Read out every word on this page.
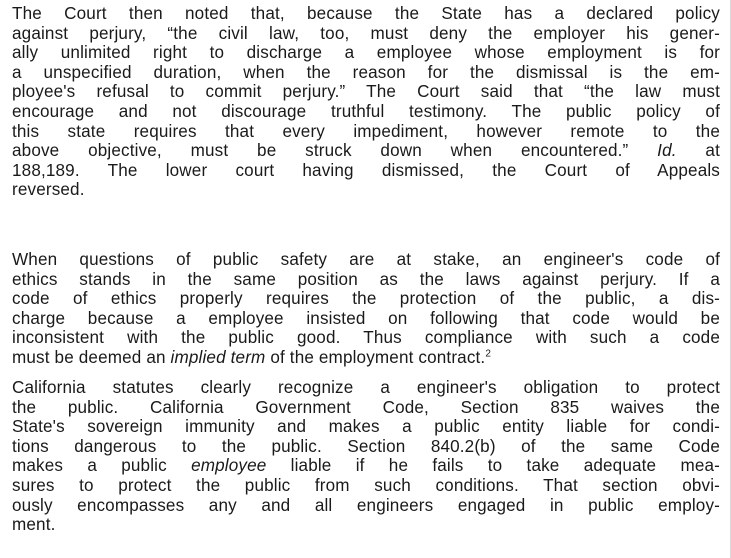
The Court then noted that, because the State has a declared policy
against perjury, “the civil law, too, must deny the employer his gener-
ally unlimited right to discharge a employee whose employment is for
a unspecified duration, when the reason for the dismissal is the em-
ployee's refusal to commit perjury.” The Court said that “the law must
encourage and not discourage truthful testimony. The public policy of
this state requires that every impediment, however remote to the
above objective, must be struck down when encountered.” Id. at
188,189. The lower court having dismissed, the Court of Appeals
reversed.
When questions of public safety are at stake, an engineer's code of
ethics stands in the same position as the laws against perjury. If a
code of ethics properly requires the protection of the public, a dis-
charge because a employee insisted on following that code would be
inconsistent with the public good. Thus compliance with such a code
must be deemed an implied term of the employment contract.$^2$
California statutes clearly recognize a engineer's obligation to protect
the public. California Government Code, Section 835 waives the
State's sovereign immunity and makes a public entity liable for condi-
tions dangerous to the public. Section 840.2(b) of the same Code
makes a public employee liable if he fails to take adequate mea-
sures to protect the public from such conditions. That section obvi-
ously encompasses any and all engineers engaged in public employ-
ment.
